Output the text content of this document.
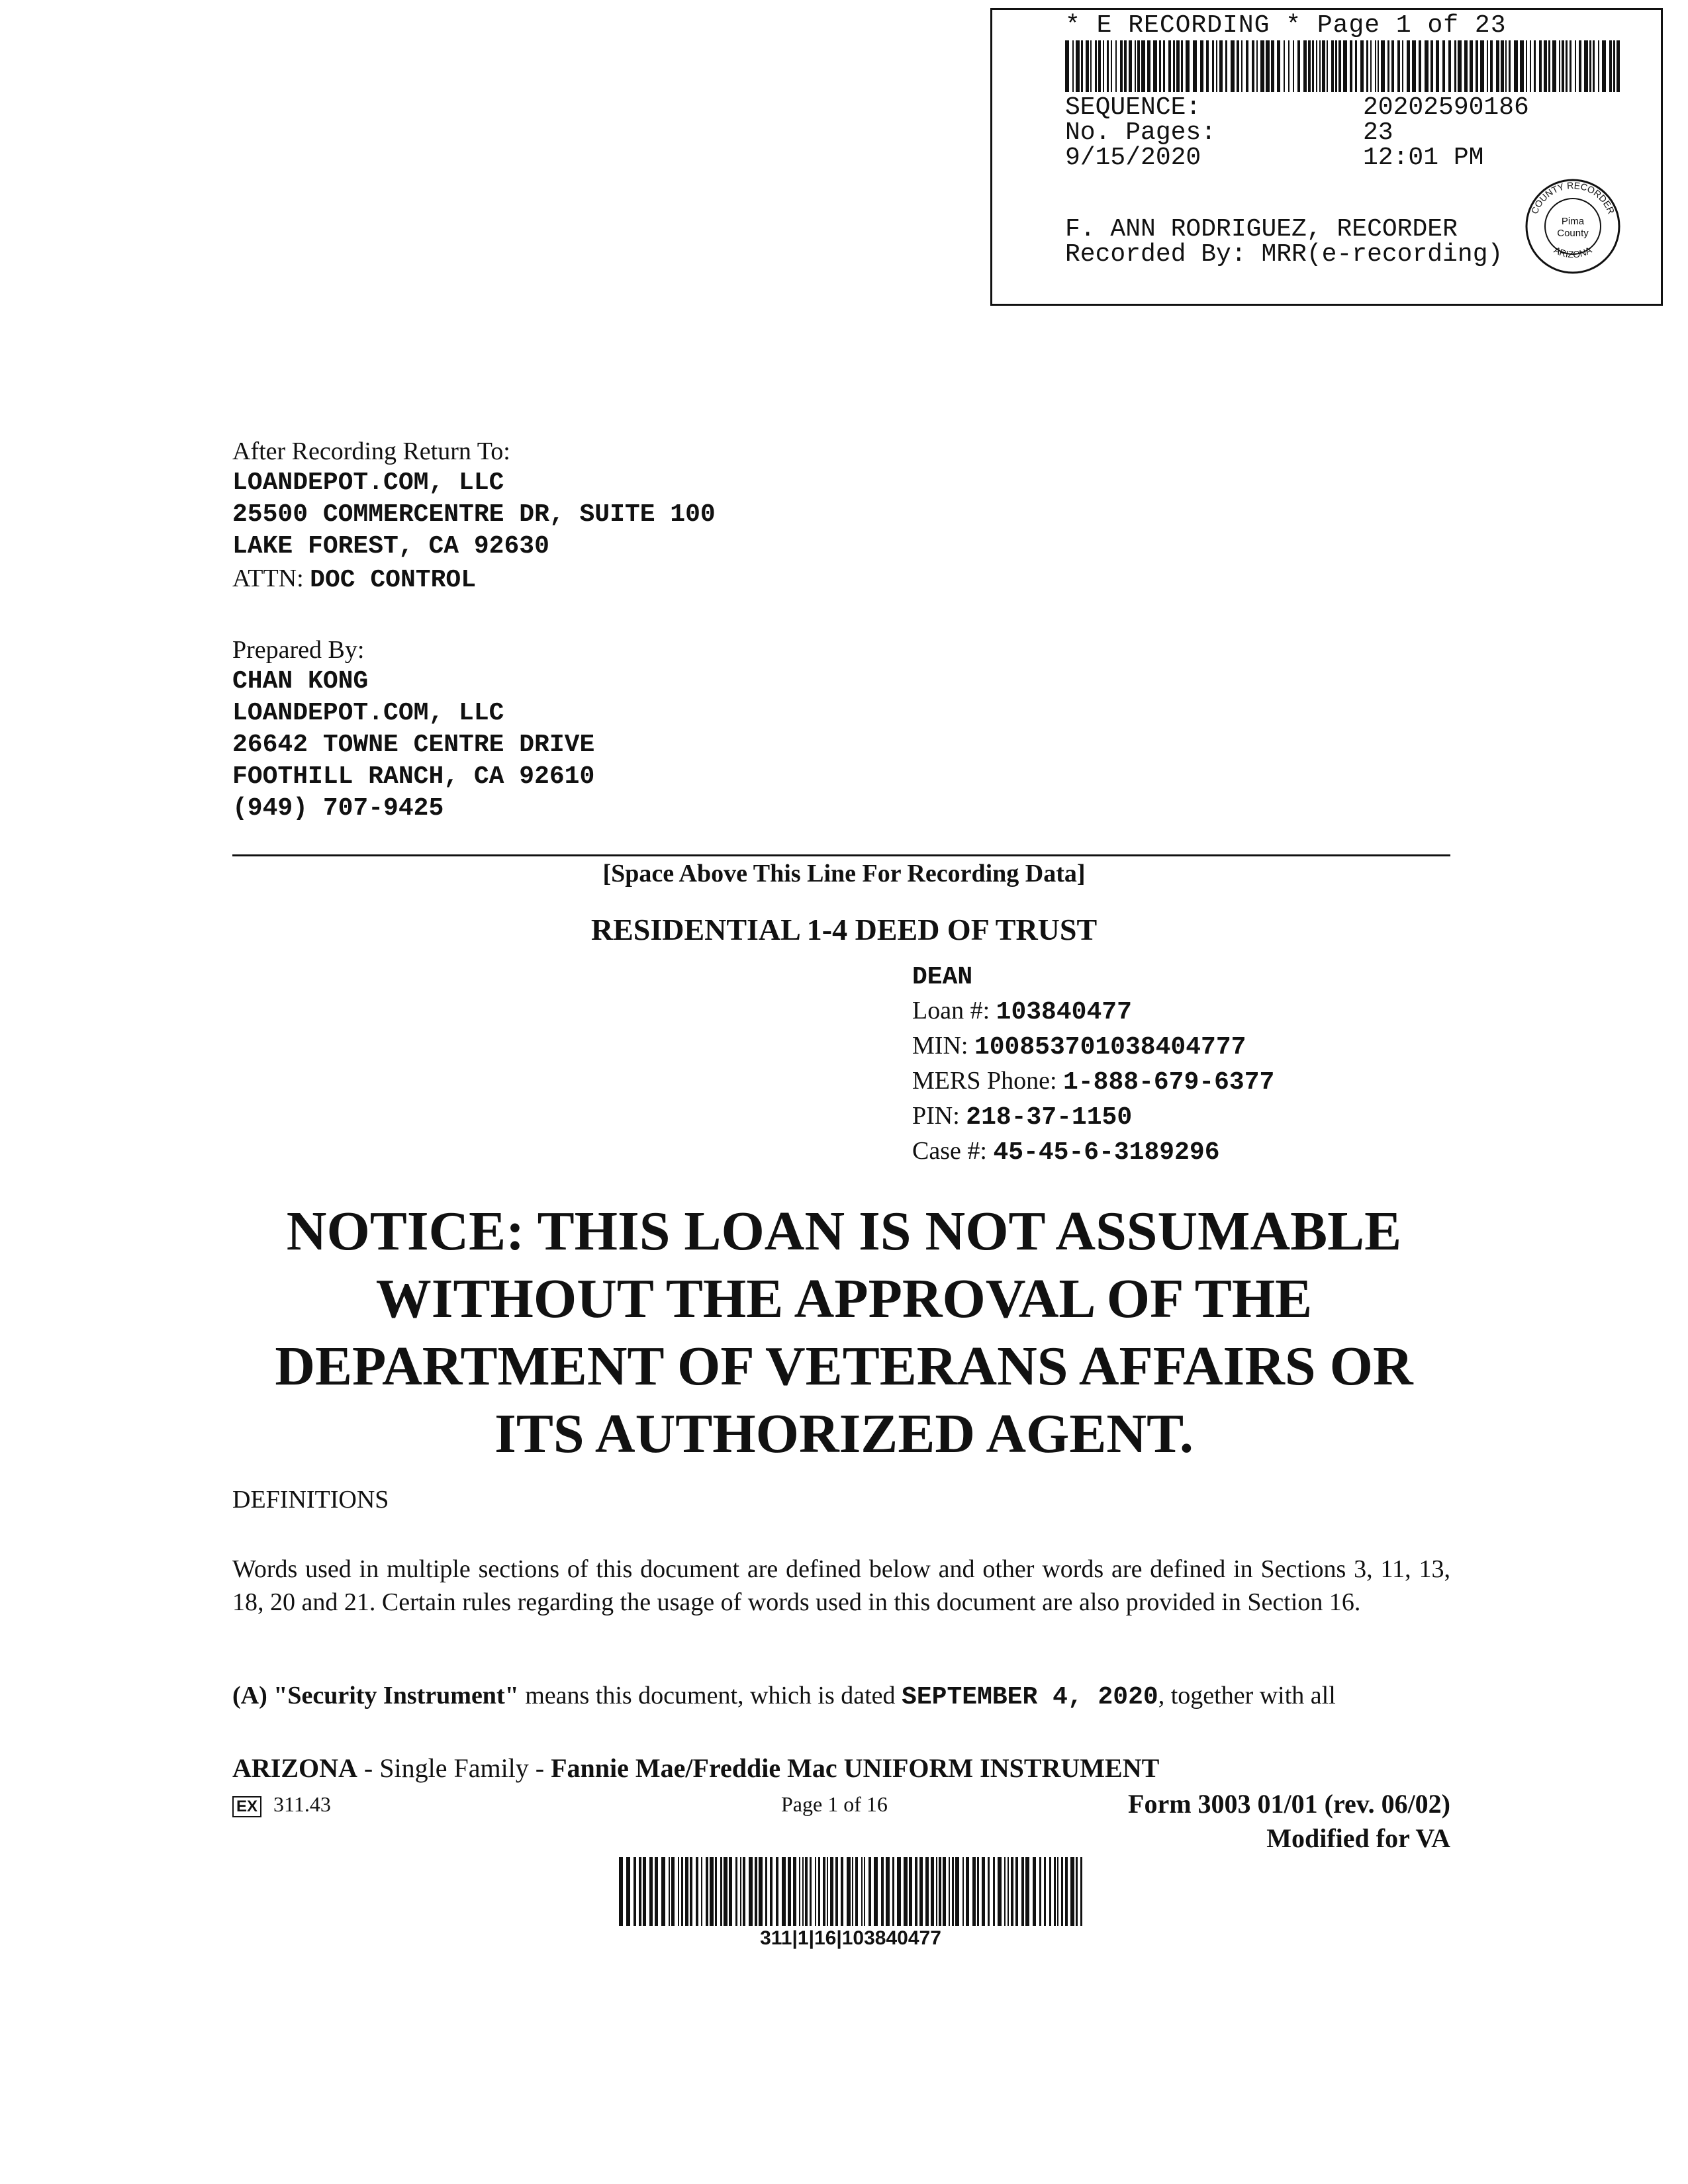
* E RECORDING * Page 1 of 23
SEQUENCE:	20202590186
No. Pages:	23
9/15/2020	12:01 PM
F. ANN RODRIGUEZ, RECORDER
Recorded By: MRR(e-recording)
COUNTY RECORDER
ARIZONA
Pima
County
After Recording Return To:
LOANDEPOT.COM, LLC
25500 COMMERCENTRE DR, SUITE 100
LAKE FOREST, CA 92630
ATTN: DOC CONTROL
Prepared By:
CHAN KONG
LOANDEPOT.COM, LLC
26642 TOWNE CENTRE DRIVE
FOOTHILL RANCH, CA 92610
(949) 707-9425
[Space Above This Line For Recording Data]
RESIDENTIAL 1-4 DEED OF TRUST
DEAN
Loan #: 103840477
MIN: 100853701038404777
MERS Phone: 1-888-679-6377
PIN: 218-37-1150
Case #: 45-45-6-3189296
NOTICE: THIS LOAN IS NOT ASSUMABLE
WITHOUT THE APPROVAL OF THE
DEPARTMENT OF VETERANS AFFAIRS OR
ITS AUTHORIZED AGENT.
DEFINITIONS
Words used in multiple sections of this document are defined below and other words are defined in Sections 3, 11, 13, 18, 20 and 21. Certain rules regarding the usage of words used in this document are also provided in Section 16.
(A) "Security Instrument" means this document, which is dated SEPTEMBER 4, 2020, together with all
ARIZONA - Single Family - Fannie Mae/Freddie Mac UNIFORM INSTRUMENT
EX 311.43	Page 1 of 16	Form 3003 01/01 (rev. 06/02)
Modified for VA
311|1|16|103840477
